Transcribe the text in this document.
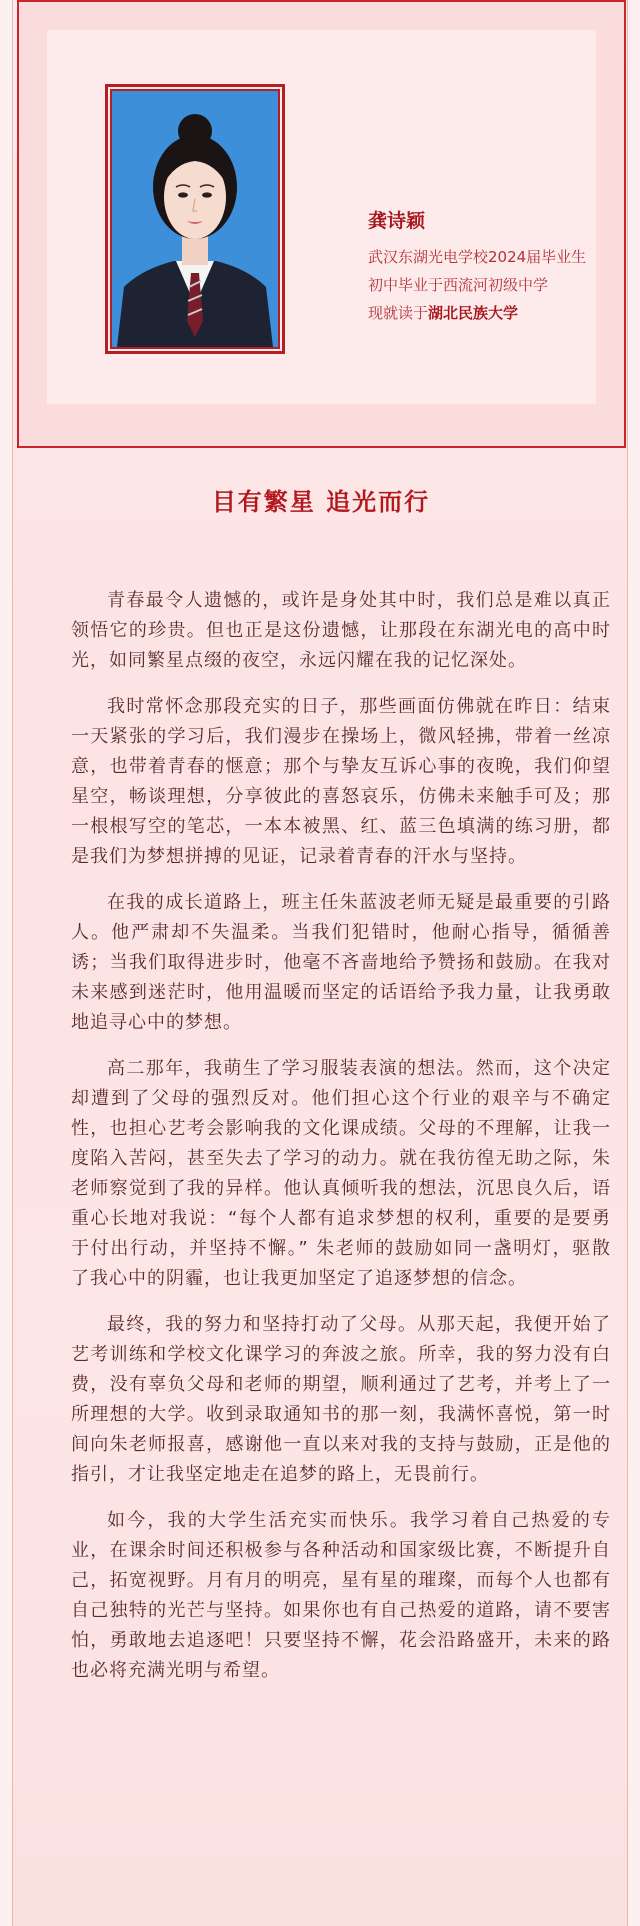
龚诗颖
武汉东湖光电学校2024届毕业生
初中毕业于西流河初级中学
现就读于湖北民族大学
目有繁星 追光而行

青春最令人遗憾的，或许是身处其中时，我们总是难以真正领悟它的珍贵。但也正是这份遗憾，让那段在东湖光电的高中时光，如同繁星点缀的夜空，永远闪耀在我的记忆深处。

我时常怀念那段充实的日子，那些画面仿佛就在昨日：结束一天紧张的学习后，我们漫步在操场上，微风轻拂，带着一丝凉意，也带着青春的惬意；那个与挚友互诉心事的夜晚，我们仰望星空，畅谈理想，分享彼此的喜怒哀乐，仿佛未来触手可及；那一根根写空的笔芯，一本本被黑、红、蓝三色填满的练习册，都是我们为梦想拼搏的见证，记录着青春的汗水与坚持。

在我的成长道路上，班主任朱蓝波老师无疑是最重要的引路人。他严肃却不失温柔。当我们犯错时，他耐心指导，循循善诱；当我们取得进步时，他毫不吝啬地给予赞扬和鼓励。在我对未来感到迷茫时，他用温暖而坚定的话语给予我力量，让我勇敢地追寻心中的梦想。

高二那年，我萌生了学习服装表演的想法。然而，这个决定却遭到了父母的强烈反对。他们担心这个行业的艰辛与不确定性，也担心艺考会影响我的文化课成绩。父母的不理解，让我一度陷入苦闷，甚至失去了学习的动力。就在我彷徨无助之际，朱老师察觉到了我的异样。他认真倾听我的想法，沉思良久后，语重心长地对我说：“每个人都有追求梦想的权利，重要的是要勇于付出行动，并坚持不懈。” 朱老师的鼓励如同一盏明灯，驱散了我心中的阴霾，也让我更加坚定了追逐梦想的信念。

最终，我的努力和坚持打动了父母。从那天起，我便开始了艺考训练和学校文化课学习的奔波之旅。所幸，我的努力没有白费，没有辜负父母和老师的期望，顺利通过了艺考，并考上了一所理想的大学。收到录取通知书的那一刻，我满怀喜悦，第一时间向朱老师报喜，感谢他一直以来对我的支持与鼓励，正是他的指引，才让我坚定地走在追梦的路上，无畏前行。

如今，我的大学生活充实而快乐。我学习着自己热爱的专业，在课余时间还积极参与各种活动和国家级比赛，不断提升自己，拓宽视野。月有月的明亮，星有星的璀璨，而每个人也都有自己独特的光芒与坚持。如果你也有自己热爱的道路，请不要害怕，勇敢地去追逐吧！只要坚持不懈，花会沿路盛开，未来的路也必将充满光明与希望。
